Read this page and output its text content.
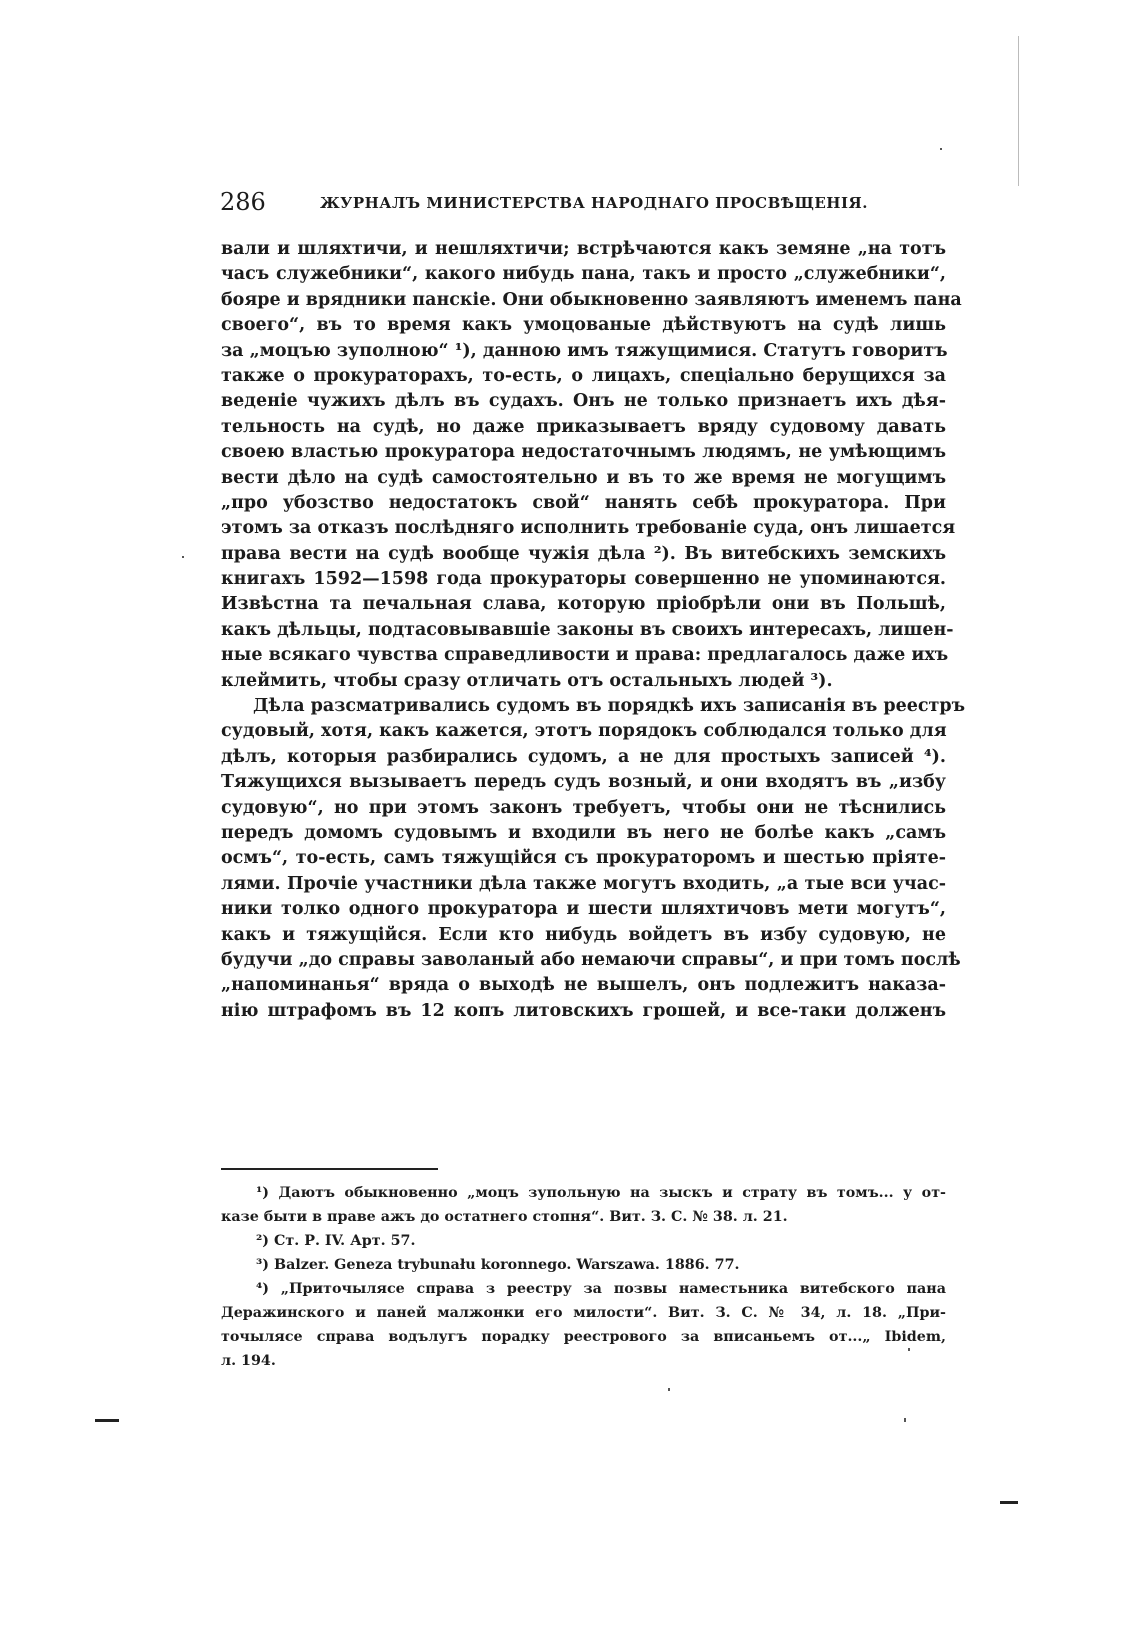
286	ЖУРНАЛЪ МИНИСТЕРСТВА НАРОДНАГО ПРОСВѢЩЕНІЯ.
вали и шляхтичи, и нешляхтичи; встрѣчаются какъ земяне „на тотъ
часъ служебники“, какого нибудь пана, такъ и просто „служебники“,
бояре и врядники панскіе. Они обыкновенно заявляютъ именемъ пана
своего“, въ то время какъ умоцованые дѣйствуютъ на судѣ лишь
за „моцъю зуполною“ ¹), данною имъ тяжущимися. Статутъ говоритъ
также о прокураторахъ, то-есть, о лицахъ, спеціально берущихся за
веденіе чужихъ дѣлъ въ судахъ. Онъ не только признаетъ ихъ дѣя-
тельность на судѣ, но даже приказываетъ вряду судовому давать
своею властью прокуратора недостаточнымъ людямъ, не умѣющимъ
вести дѣло на судѣ самостоятельно и въ то же время не могущимъ
„про убозство недостатокъ свой“ нанять себѣ прокуратора. При
этомъ за отказъ послѣдняго исполнить требованіе суда, онъ лишается
права вести на судѣ вообще чужія дѣла ²). Въ витебскихъ земскихъ
книгахъ 1592—1598 года прокураторы совершенно не упоминаются.
Извѣстна та печальная слава, которую пріобрѣли они въ Польшѣ,
какъ дѣльцы, подтасовывавшіе законы въ своихъ интересахъ, лишен-
ные всякаго чувства справедливости и права: предлагалось даже ихъ
клеймить, чтобы сразу отличать отъ остальныхъ людей ³).
Дѣла разсматривались судомъ въ порядкѣ ихъ записанія въ реестръ
судовый, хотя, какъ кажется, этотъ порядокъ соблюдался только для
дѣлъ, которыя разбирались судомъ, а не для простыхъ записей ⁴).
Тяжущихся вызываетъ передъ судъ возный, и они входятъ въ „избу
судовую“, но при этомъ законъ требуетъ, чтобы они не тѣснились
передъ домомъ судовымъ и входили въ него не болѣе какъ „самъ
осмъ“, то-есть, самъ тяжущійся съ прокураторомъ и шестью пріяте-
лями. Прочіе участники дѣла также могутъ входить, „а тые вси учас-
ники толко одного прокуратора и шести шляхтичовъ мети могутъ“,
какъ и тяжущійся. Если кто нибудь войдетъ въ избу судовую, не
будучи „до справы заволаный або немаючи справы“, и при томъ послѣ
„напоминанья“ вряда о выходѣ не вышелъ, онъ подлежитъ наказа-
нію штрафомъ въ 12 копъ литовскихъ грошей, и все-таки долженъ
¹) Даютъ обыкновенно „моцъ зупольную на зыскъ и страту въ томъ... у от-
казе быти в праве ажъ до остатнего стопня“. Вит. З. С. № 38. л. 21.
²) Ст. Р. IV. Арт. 57.
³) Balzer. Geneza trybunału koronnego. Warszawa. 1886. 77.
⁴) „Приточылясе справа з реестру за позвы наместьника витебского пана
Деражинского и паней малжонки его милости“. Вит. З. С. № 34, л. 18. „При-
точылясе справа водълугъ порадку реестрового за вписаньемъ от...„ Ibidem,
л. 194.
